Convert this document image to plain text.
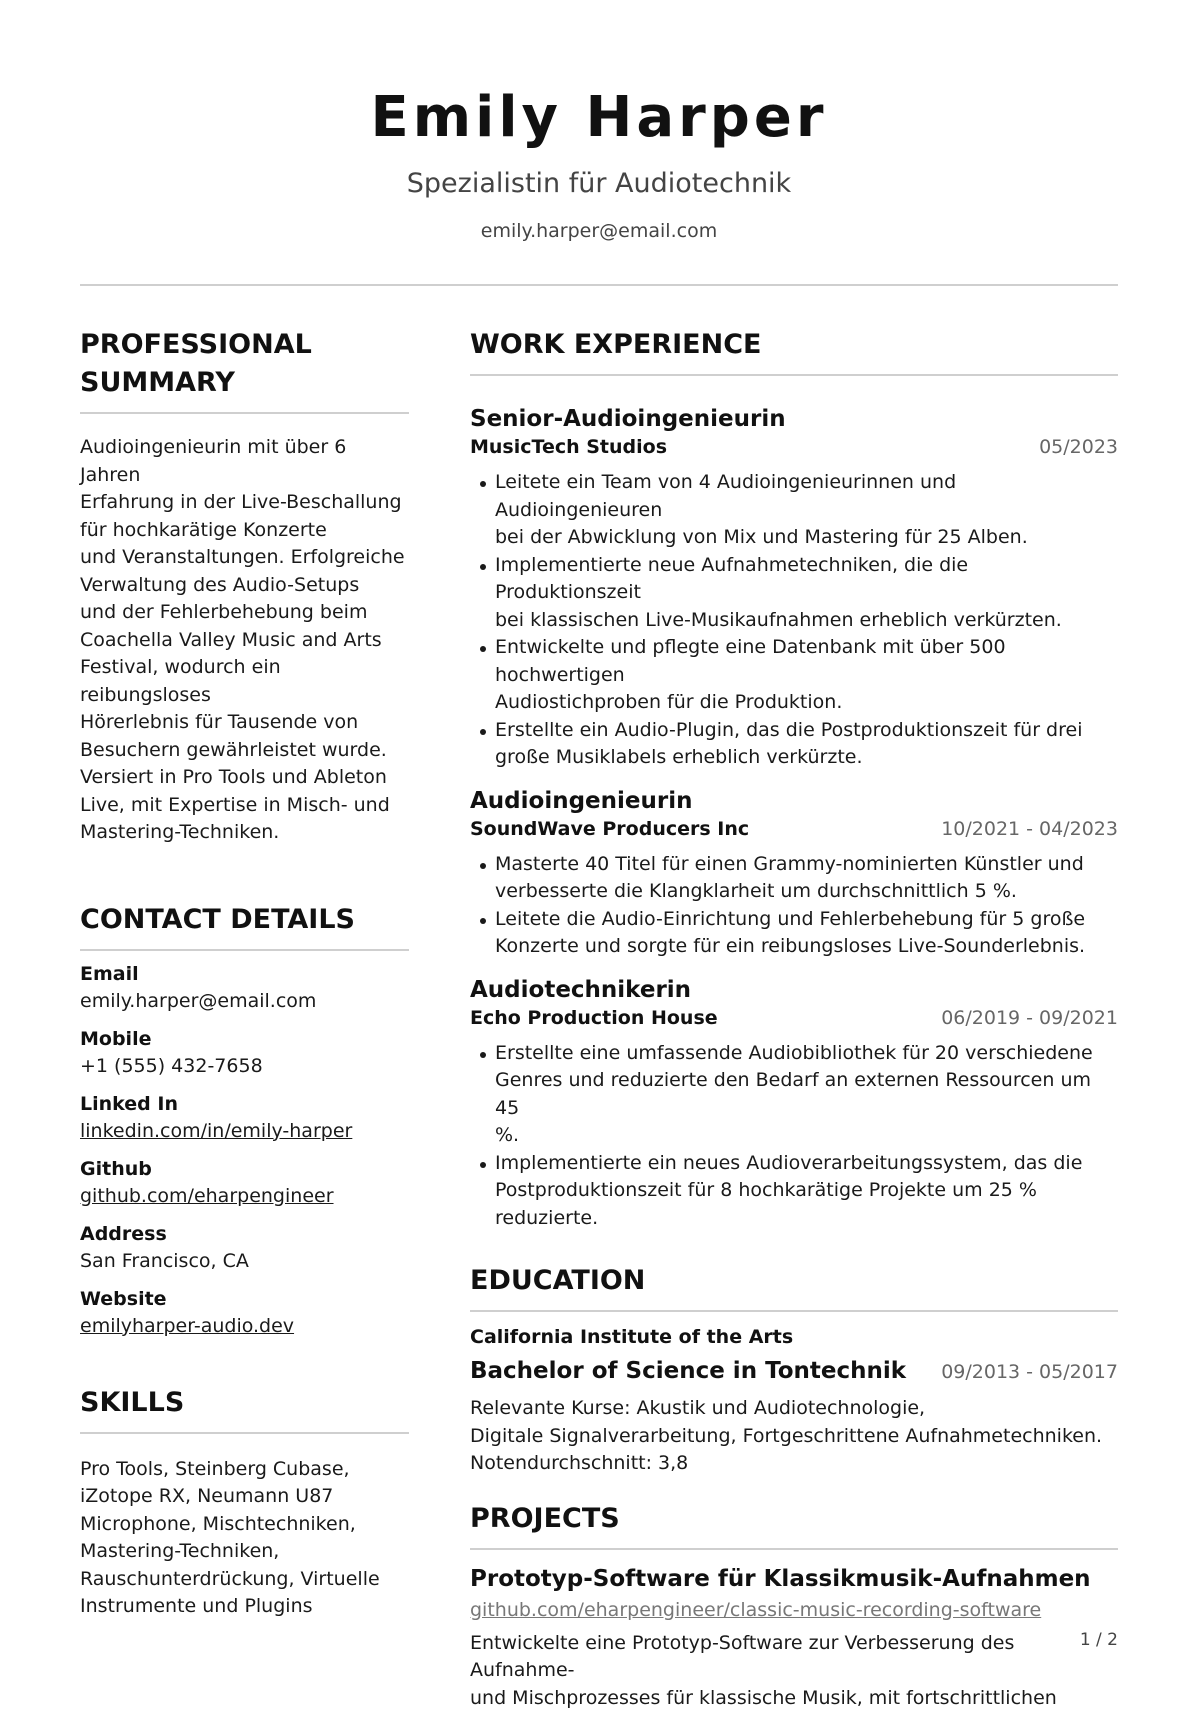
Emily Harper
Spezialistin für Audiotechnik
emily.harper@email.com
PROFESSIONAL
SUMMARY
Audioingenieurin mit über 6 Jahren
Erfahrung in der Live-Beschallung
für hochkarätige Konzerte
und Veranstaltungen. Erfolgreiche
Verwaltung des Audio-Setups
und der Fehlerbehebung beim
Coachella Valley Music and Arts
Festival, wodurch ein reibungsloses
Hörerlebnis für Tausende von
Besuchern gewährleistet wurde.
Versiert in Pro Tools und Ableton
Live, mit Expertise in Misch- und
Mastering-Techniken.
CONTACT DETAILS
Email
emily.harper@email.com
Mobile
+1 (555) 432-7658
Linked In
linkedin.com/in/emily-harper
Github
github.com/eharpengineer
Address
San Francisco, CA
Website
emilyharper-audio.dev
SKILLS
Pro Tools, Steinberg Cubase,
iZotope RX, Neumann U87
Microphone, Mischtechniken,
Mastering-Techniken,
Rauschunterdrückung, Virtuelle
Instrumente und Plugins
WORK EXPERIENCE
Senior-Audioingenieurin
MusicTech Studios	05/2023
Leitete ein Team von 4 Audioingenieurinnen und Audioingenieuren
bei der Abwicklung von Mix und Mastering für 25 Alben.
Implementierte neue Aufnahmetechniken, die die Produktionszeit
bei klassischen Live-Musikaufnahmen erheblich verkürzten.
Entwickelte und pflegte eine Datenbank mit über 500 hochwertigen
Audiostichproben für die Produktion.
Erstellte ein Audio-Plugin, das die Postproduktionszeit für drei
große Musiklabels erheblich verkürzte.
Audioingenieurin
SoundWave Producers Inc	10/2021 - 04/2023
Masterte 40 Titel für einen Grammy-nominierten Künstler und
verbesserte die Klangklarheit um durchschnittlich 5 %.
Leitete die Audio-Einrichtung und Fehlerbehebung für 5 große
Konzerte und sorgte für ein reibungsloses Live-Sounderlebnis.
Audiotechnikerin
Echo Production House	06/2019 - 09/2021
Erstellte eine umfassende Audiobibliothek für 20 verschiedene
Genres und reduzierte den Bedarf an externen Ressourcen um 45
%.
Implementierte ein neues Audioverarbeitungssystem, das die
Postproduktionszeit für 8 hochkarätige Projekte um 25 %
reduzierte.
EDUCATION
California Institute of the Arts
Bachelor of Science in Tontechnik 09/2013 - 05/2017
Relevante Kurse: Akustik und Audiotechnologie,
Digitale Signalverarbeitung, Fortgeschrittene Aufnahmetechniken.
Notendurchschnitt: 3,8
PROJECTS
Prototyp-Software für Klassikmusik-Aufnahmen
github.com/eharpengineer/classic-music-recording-software
Entwickelte eine Prototyp-Software zur Verbesserung des Aufnahme-
und Mischprozesses für klassische Musik, mit fortschrittlichen
1 / 2
